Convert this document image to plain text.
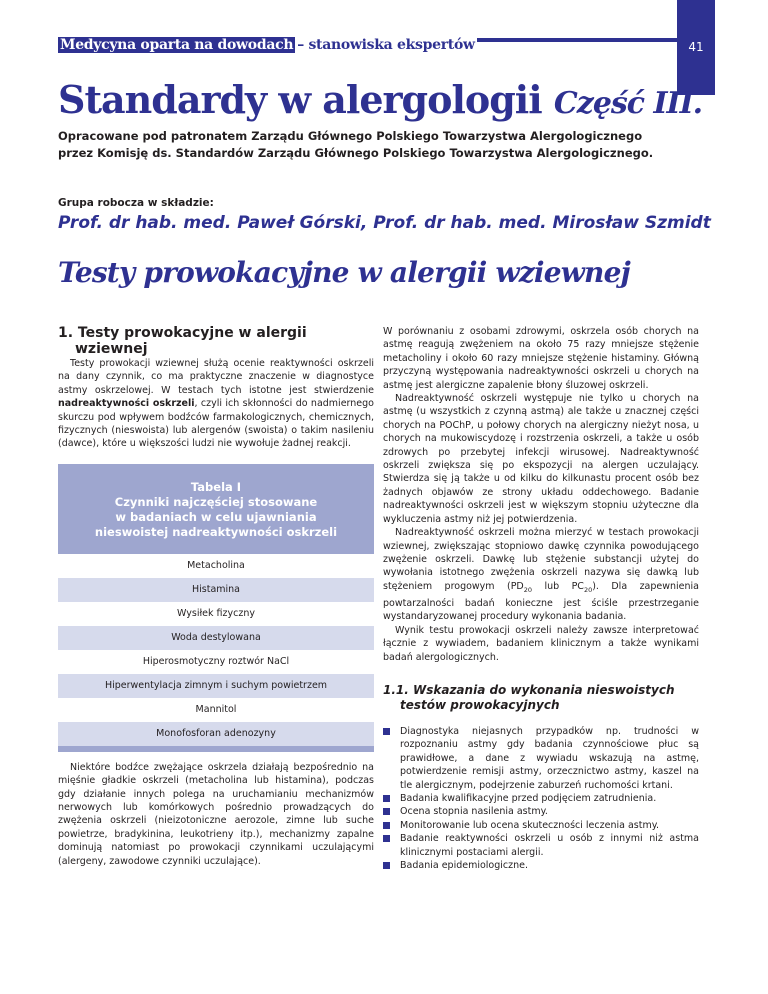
Medycyna oparta na dowodach – stanowiska ekspertów	41
Standardy w alergologii Część III.
Opracowane pod patronatem Zarządu Głównego Polskiego Towarzystwa Alergologicznego
przez Komisję ds. Standardów Zarządu Głównego Polskiego Towarzystwa Alergologicznego.
Grupa robocza w składzie:
Prof. dr hab. med. Paweł Górski, Prof. dr hab. med. Mirosław Szmidt
Testy prowokacyjne w alergii wziewnej
1. Testy prowokacyjne w alergii
wziewnej

Testy prowokacji wziewnej służą ocenie reaktywności oskrzeli na dany czynnik, co ma praktyczne znaczenie w diagnostyce astmy oskrzelowej. W testach tych istotne jest stwierdzenie nadreaktywności oskrzeli, czyli ich skłonności do nadmiernego skurczu pod wpływem bodźców farmakologicznych, chemicznych, fizycznych (nieswoista) lub alergenów (swoista) o takim nasileniu (dawce), które u większości ludzi nie wywołuje żadnej reakcji.

Tabela I
Czynniki najczęściej stosowane
w badaniach w celu ujawniania
nieswoistej nadreaktywności oskrzeli
Metacholina
Histamina
Wysiłek fizyczny
Woda destylowana
Hiperosmotyczny roztwór NaCl
Hiperwentylacja zimnym i suchym powietrzem
Mannitol
Monofosforan adenozyny

Niektóre bodźce zwężające oskrzela działają bezpośrednio na mięśnie gładkie oskrzeli (metacholina lub histamina), podczas gdy działanie innych polega na uruchamianiu mechanizmów nerwowych lub komórkowych pośrednio prowadzących do zwężenia oskrzeli (nieizotoniczne aerozole, zimne lub suche powietrze, bradykinina, leukotrieny itp.), mechanizmy zapalne dominują natomiast po prowokacji czynnikami uczulającymi (alergeny, zawodowe czynniki uczulające).

W porównaniu z osobami zdrowymi, oskrzela osób chorych na astmę reagują zwężeniem na około 75 razy mniejsze stężenie metacholiny i około 60 razy mniejsze stężenie histaminy. Główną przyczyną występowania nadreaktywności oskrzeli u chorych na astmę jest alergiczne zapalenie błony śluzowej oskrzeli.

Nadreaktywność oskrzeli występuje nie tylko u chorych na astmę (u wszystkich z czynną astmą) ale także u znacznej części chorych na POChP, u połowy chorych na alergiczny nieżyt nosa, u chorych na mukowiscydozę i rozstrzenia oskrzeli, a także u osób zdrowych po przebytej infekcji wirusowej. Nadreaktywność oskrzeli zwiększa się po ekspozycji na alergen uczulający. Stwierdza się ją także u od kilku do kilkunastu procent osób bez żadnych objawów ze strony układu oddechowego. Badanie nadreaktywności oskrzeli jest w większym stopniu użyteczne dla wykluczenia astmy niż jej potwierdzenia.

Nadreaktywność oskrzeli można mierzyć w testach prowokacji wziewnej, zwiększając stopniowo dawkę czynnika powodującego zwężenie oskrzeli. Dawkę lub stężenie substancji użytej do wywołania istotnego zwężenia oskrzeli nazywa się dawką lub stężeniem progowym ($PD_{20}$ lub $PC_{20}$). Dla zapewnienia powtarzalności badań konieczne jest ściśle przestrzeganie wystandaryzowanej procedury wykonania badania.

Wynik testu prowokacji oskrzeli należy zawsze interpretować łącznie z wywiadem, badaniem klinicznym a także wynikami badań alergologicznych.

1.1. Wskazania do wykonania nieswoistych
testów prowokacyjnych
Diagnostyka niejasnych przypadków np. trudności w rozpoznaniu astmy gdy badania czynnościowe płuc są prawidłowe, a dane z wywiadu wskazują na astmę, potwierdzenie remisji astmy, orzecznictwo astmy, kaszel na tle alergicznym, podejrzenie zaburzeń ruchomości krtani.
Badania kwalifikacyjne przed podjęciem zatrudnienia.
Ocena stopnia nasilenia astmy.
Monitorowanie lub ocena skuteczności leczenia astmy.
Badanie reaktywności oskrzeli u osób z innymi niż astma klinicznymi postaciami alergii.
Badania epidemiologiczne.
